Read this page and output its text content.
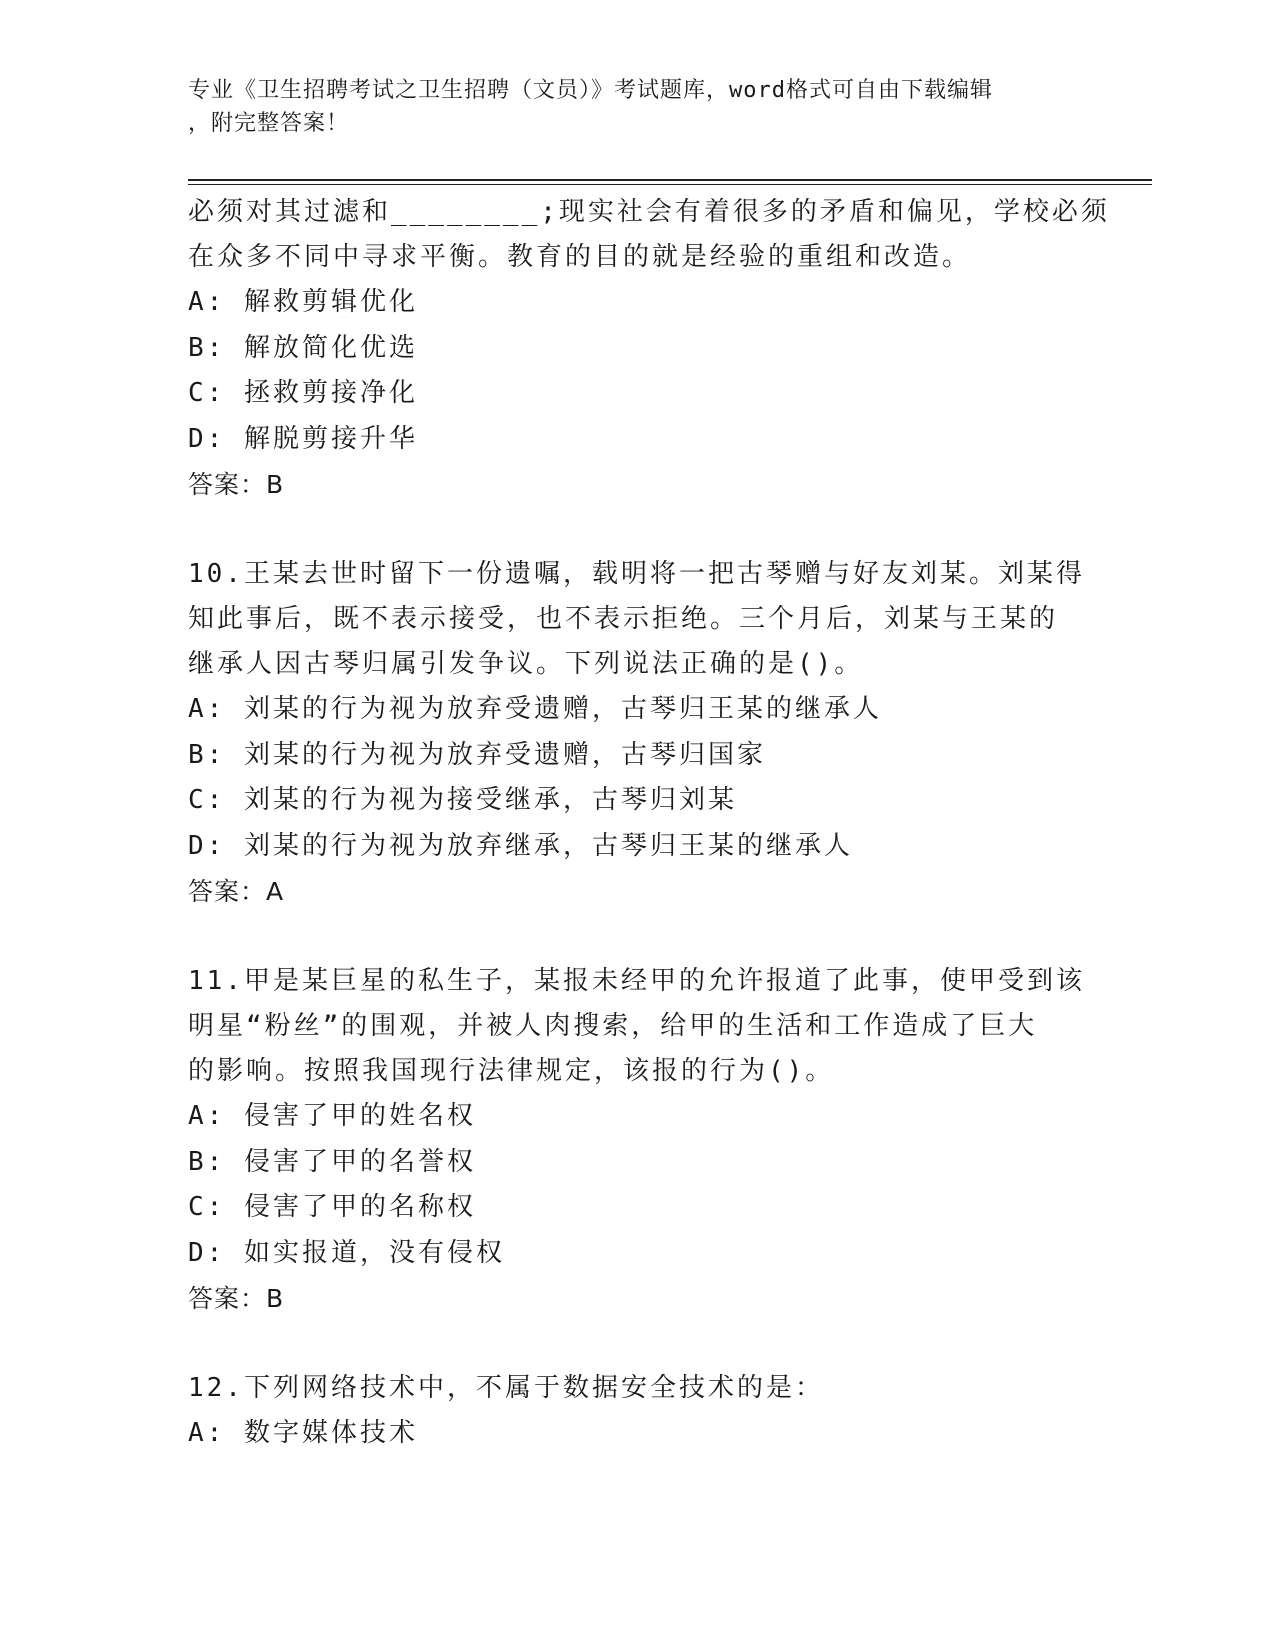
专业《卫生招聘考试之卫生招聘（文员）》考试题库，word格式可自由下载编辑
，附完整答案！
必须对其过滤和________;现实社会有着很多的矛盾和偏见，学校必须
在众多不同中寻求平衡。教育的目的就是经验的重组和改造。
A: 解救剪辑优化
B: 解放简化优选
C: 拯救剪接净化
D: 解脱剪接升华
答案：B
10.王某去世时留下一份遗嘱，载明将一把古琴赠与好友刘某。刘某得
知此事后，既不表示接受，也不表示拒绝。三个月后，刘某与王某的
继承人因古琴归属引发争议。下列说法正确的是()。
A: 刘某的行为视为放弃受遗赠，古琴归王某的继承人
B: 刘某的行为视为放弃受遗赠，古琴归国家
C: 刘某的行为视为接受继承，古琴归刘某
D: 刘某的行为视为放弃继承，古琴归王某的继承人
答案：A
11.甲是某巨星的私生子，某报未经甲的允许报道了此事，使甲受到该
明星“粉丝”的围观，并被人肉搜索，给甲的生活和工作造成了巨大
的影响。按照我国现行法律规定，该报的行为()。
A: 侵害了甲的姓名权
B: 侵害了甲的名誉权
C: 侵害了甲的名称权
D: 如实报道，没有侵权
答案：B
12.下列网络技术中，不属于数据安全技术的是：
A: 数字媒体技术
